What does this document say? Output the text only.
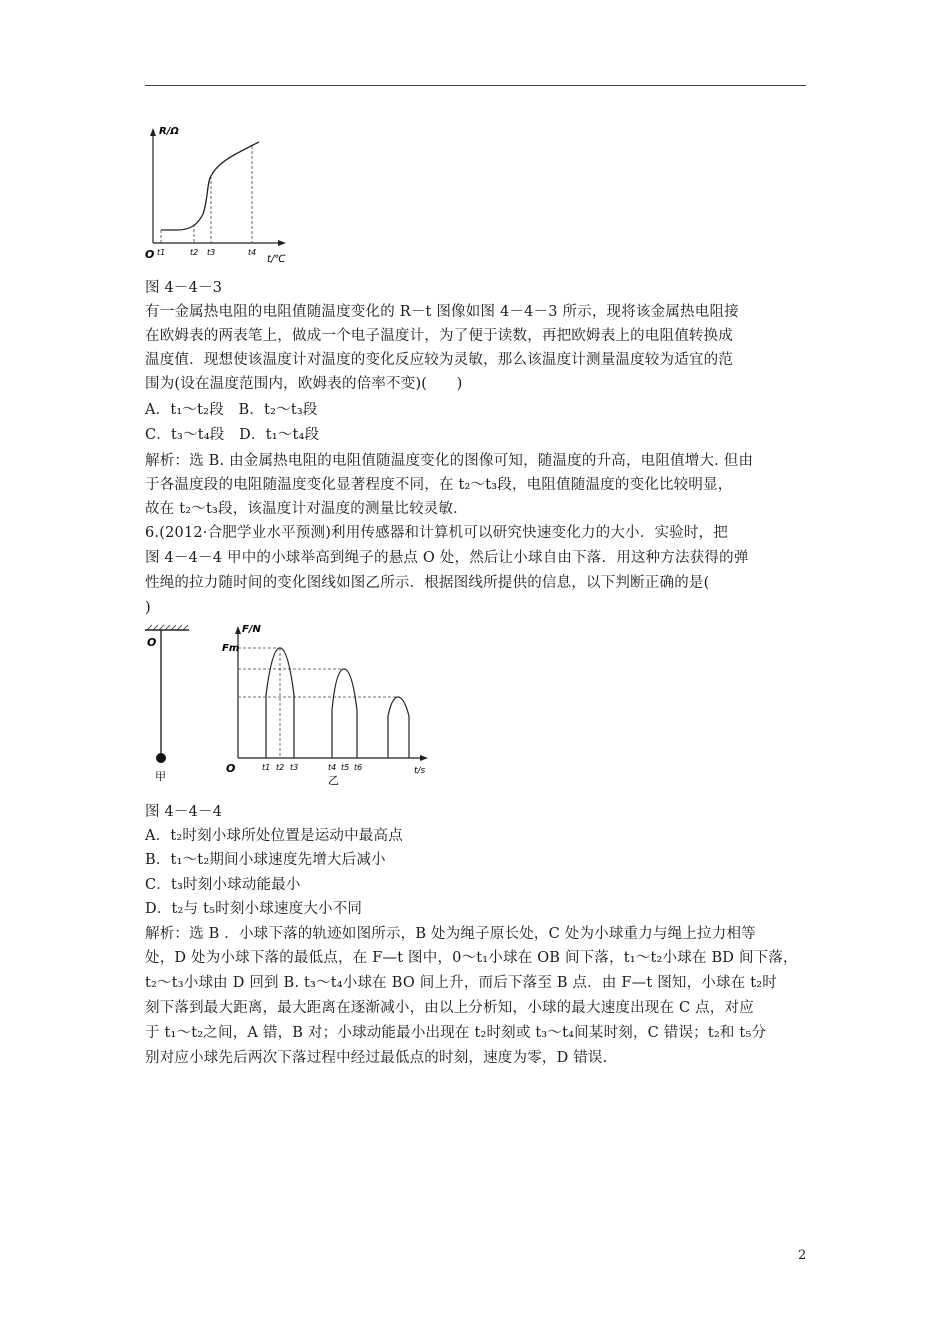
R/Ω
O t1	t2 t3	t4
t/℃
图 4－4－3
有一金属热电阻的电阻值随温度变化的 R－t 图像如图 4－4－3 所示，现将该金属热电阻接
在欧姆表的两表笔上，做成一个电子温度计，为了便于读数，再把欧姆表上的电阻值转换成
温度值．现想使该温度计对温度的变化反应较为灵敏，那么该温度计测量温度较为适宜的范
围为(设在温度范围内，欧姆表的倍率不变)(　　)
A．t₁～t₂段　B．t₂～t₃段
C．t₃～t₄段　D．t₁～t₄段
解析：选 B. 由金属热电阻的电阻值随温度变化的图像可知，随温度的升高，电阻值增大. 但由
于各温度段的电阻随温度变化显著程度不同，在 t₂～t₃段，电阻值随温度的变化比较明显，
故在 t₂～t₃段，该温度计对温度的测量比较灵敏．
6.(2012·合肥学业水平预测)利用传感器和计算机可以研究快速变化力的大小．实验时，把
图 4－4－4 甲中的小球举高到绳子的悬点 O 处，然后让小球自由下落．用这种方法获得的弹
性绳的拉力随时间的变化图线如图乙所示．根据图线所提供的信息，以下判断正确的是(
)
O
甲
F/N
Fm
O	t1 t2 t3	t4 t5 t6	t/s
乙
图 4－4－4
A．t₂时刻小球所处位置是运动中最高点
B．t₁～t₂期间小球速度先增大后减小
C．t₃时刻小球动能最小
D．t₂与 t₅时刻小球速度大小不同
解析：选 B ．小球下落的轨迹如图所示，B 处为绳子原长处，C 处为小球重力与绳上拉力相等
处，D 处为小球下落的最低点，在 F—t 图中，0～t₁小球在 OB 间下落，t₁～t₂小球在 BD 间下落，
t₂～t₃小球由 D 回到 B. t₃～t₄小球在 BO 间上升，而后下落至 B 点．由 F—t 图知，小球在 t₂时
刻下落到最大距离，最大距离在逐渐减小，由以上分析知，小球的最大速度出现在 C 点，对应
于 t₁～t₂之间，A 错，B 对；小球动能最小出现在 t₂时刻或 t₃～t₄间某时刻，C 错误；t₂和 t₅分
别对应小球先后两次下落过程中经过最低点的时刻，速度为零，D 错误.
2
